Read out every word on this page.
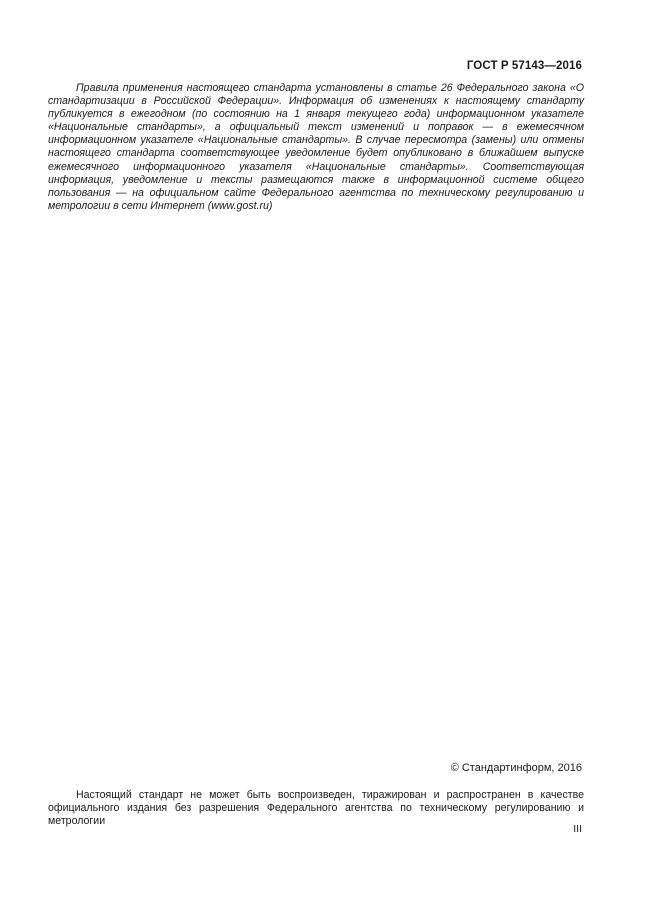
ГОСТ Р 57143—2016

Правила применения настоящего стандарта установлены в статье 26 Федерального закона «О стандартизации в Российской Федерации». Информация об изменениях к настоящему стандарту публикуется в ежегодном (по состоянию на 1 января текущего года) информационном указателе «Национальные стандарты», а официальный текст изменений и поправок — в ежемесячном информационном указателе «Национальные стандарты». В случае пересмотра (замены) или отмены настоящего стандарта соответствующее уведомление будет опубликовано в ближайшем выпуске ежемесячного информационного указателя «Национальные стандарты». Соответствующая информация, уведомление и тексты размещаются также в информационной системе общего пользования — на официальном сайте Федерального агентства по техническому регулированию и метрологии в сети Интернет (www.gost.ru)

© Стандартинформ, 2016

Настоящий стандарт не может быть воспроизведен, тиражирован и распространен в качестве официального издания без разрешения Федерального агентства по техническому регулированию и метрологии

III
